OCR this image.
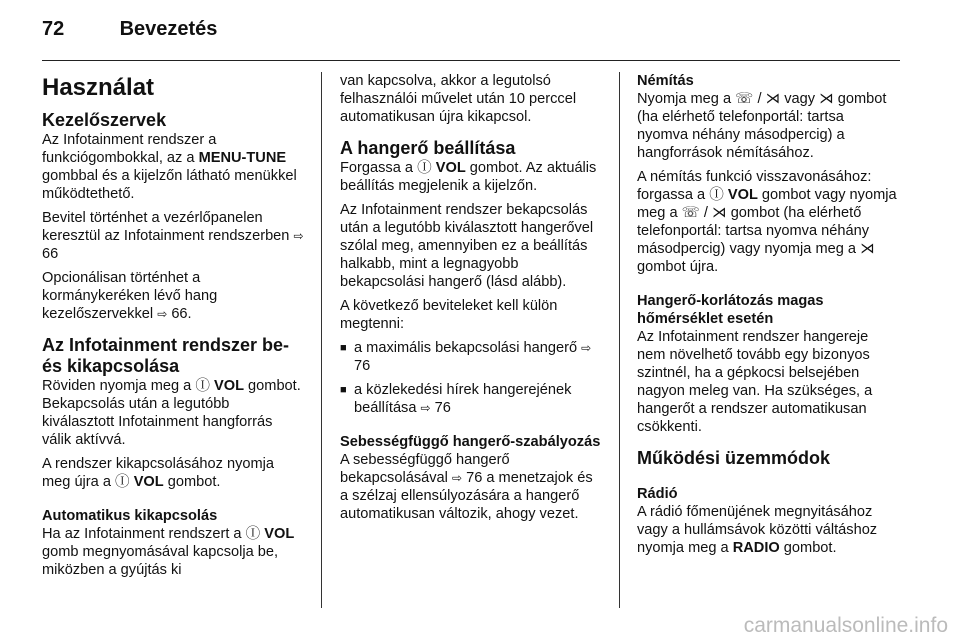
72	Bevezetés
Használat
Kezelőszervek

Az Infotainment rendszer a funkciógombokkal, az a MENU-TUNE gombbal és a kijelzőn látható menükkel működtethető.

Bevitel történhet a vezérlőpanelen keresztül az Infotainment rendszerben ⇨ 66

Opcionálisan történhet a kormánykeréken lévő hang kezelőszervekkel ⇨ 66.

Az Infotainment rendszer be- és kikapcsolása

Röviden nyomja meg a Ⓘ VOL gombot. Bekapcsolás után a legutóbb kiválasztott Infotainment hangforrás válik aktívvá.

A rendszer kikapcsolásához nyomja meg újra a Ⓘ VOL gombot.

Automatikus kikapcsolás

Ha az Infotainment rendszert a Ⓘ VOL gomb megnyomásával kapcsolja be, miközben a gyújtás ki

van kapcsolva, akkor a legutolsó felhasználói művelet után 10 perccel automatikusan újra kikapcsol.

A hangerő beállítása

Forgassa a Ⓘ VOL gombot. Az aktuális beállítás megjelenik a kijelzőn.

Az Infotainment rendszer bekapcsolás után a legutóbb kiválasztott hangerővel szólal meg, amennyiben ez a beállítás halkabb, mint a legnagyobb bekapcsolási hangerő (lásd alább).

A következő beviteleket kell külön megtenni:

■ a maximális bekapcsolási hangerő ⇨ 76
■ a közlekedési hírek hangerejének beállítása ⇨ 76
Sebességfüggő hangerő-szabályozás

A sebességfüggő hangerő bekapcsolásával ⇨ 76 a menetzajok és a szélzaj ellensúlyozására a hangerő automatikusan változik, ahogy vezet.

Némítás

Nyomja meg a ☏ / ⋊ vagy ⋊ gombot (ha elérhető telefonportál: tartsa nyomva néhány másodpercig) a hangforrások némításához.

A némítás funkció visszavonásához: forgassa a Ⓘ VOL gombot vagy nyomja meg a ☏ / ⋊ gombot (ha elérhető telefonportál: tartsa nyomva néhány másodpercig) vagy nyomja meg a ⋊ gombot újra.

Hangerő-korlátozás magas hőmérséklet esetén

Az Infotainment rendszer hangereje nem növelhető tovább egy bizonyos szintnél, ha a gépkocsi belsejében nagyon meleg van. Ha szükséges, a hangerőt a rendszer automatikusan csökkenti.

Működési üzemmódok
Rádió

A rádió főmenüjének megnyitásához vagy a hullámsávok közötti váltáshoz nyomja meg a RADIO gombot.

carmanualsonline.info
